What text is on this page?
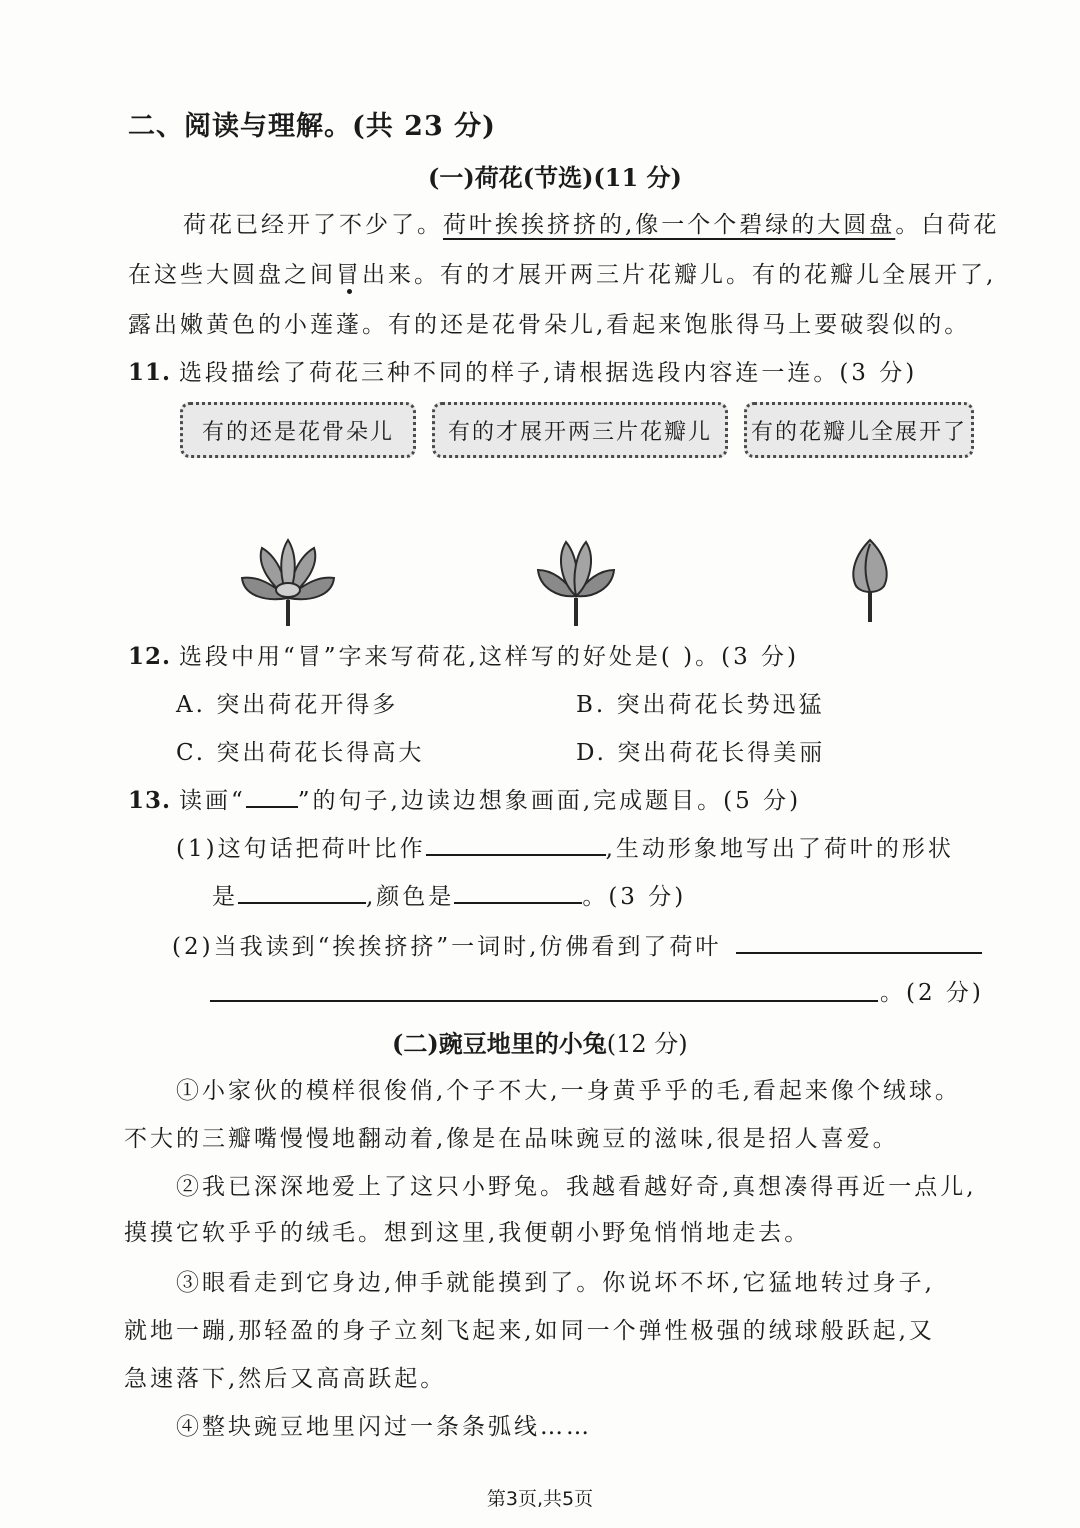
二、阅读与理解。(共 23 分)
(一)荷花(节选)(11 分)
荷花已经开了不少了。荷叶挨挨挤挤的,像一个个碧绿的大圆盘。白荷花
在这些大圆盘之间冒出来。有的才展开两三片花瓣儿。有的花瓣儿全展开了,
露出嫩黄色的小莲蓬。有的还是花骨朵儿,看起来饱胀得马上要破裂似的。
11. 选段描绘了荷花三种不同的样子,请根据选段内容连一连。(3 分)
有的还是花骨朵儿 有的才展开两三片花瓣儿 有的花瓣儿全展开了
12. 选段中用“冒”字来写荷花,这样写的好处是( )。(3 分)
A. 突出荷花开得多	B. 突出荷花长势迅猛
C. 突出荷花长得高大	D. 突出荷花长得美丽
13. 读画“ ”的句子,边读边想象画面,完成题目。(5 分)
(1)这句话把荷叶比作	,生动形象地写出了荷叶的形状
是	,颜色是	。(3 分)
(2)当我读到“挨挨挤挤”一词时,仿佛看到了荷叶
。(2 分)
(二)豌豆地里的小兔(12 分)
①小家伙的模样很俊俏,个子不大,一身黄乎乎的毛,看起来像个绒球。
不大的三瓣嘴慢慢地翻动着,像是在品味豌豆的滋味,很是招人喜爱。
②我已深深地爱上了这只小野兔。我越看越好奇,真想凑得再近一点儿,
摸摸它软乎乎的绒毛。想到这里,我便朝小野兔悄悄地走去。
③眼看走到它身边,伸手就能摸到了。你说坏不坏,它猛地转过身子,
就地一蹦,那轻盈的身子立刻飞起来,如同一个弹性极强的绒球般跃起,又
急速落下,然后又高高跃起。
④整块豌豆地里闪过一条条弧线……
第3页,共5页
